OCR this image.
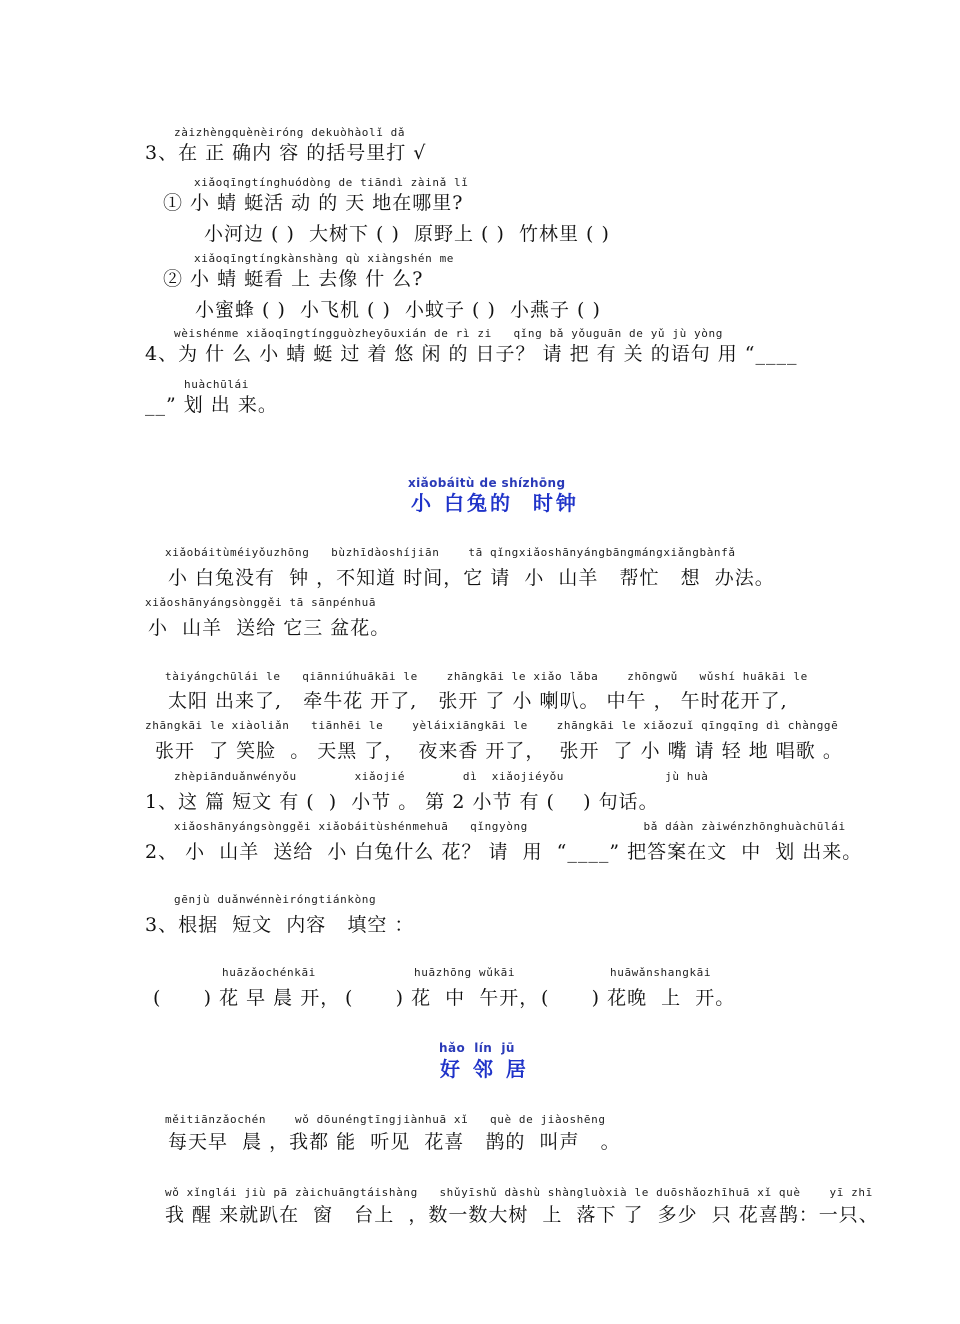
zàizhèngquènèiróng dekuòhàolǐ dǎ
3、在 正 确内 容 的括号里打 √
xiǎoqīngtínghuódòng de tiāndì zàinǎ lǐ
① 小 蜻 蜓活 动 的 天 地在哪里?
小河边 ( )  大树下 ( )  原野上 ( )  竹林里 ( )
xiǎoqīngtíngkànshàng qù xiàngshén me
② 小 蜻 蜓看 上 去像 什 么?
小蜜蜂 ( )  小飞机 ( )  小蚊子 ( )  小燕子 ( )
wèishénme xiǎoqīngtíngguòzheyōuxián de rì zi   qǐng bǎ yǒuguān de yǔ jù yòng
4、为 什 么 小 蜻 蜓 过 着 悠 闲 的 日子？ 请 把 有 关 的语句 用 “____
huàchūlái
__” 划 出 来。
xiǎobáitù de shízhōng
小 白兔的  时钟
xiǎobáitùméiyǒuzhōng   bùzhīdàoshíjiān    tā qǐngxiǎoshānyángbāngmángxiǎngbànfǎ
小 白兔没有  钟 ，不知道 时间，它 请  小  山羊   帮忙   想  办法。
xiǎoshānyángsònggěi tā sānpénhuā
小  山羊  送给 它三 盆花。
tàiyángchūlái le   qiānniúhuākāi le    zhāngkāi le xiǎo lǎba    zhōngwǔ   wǔshí huākāi le
太阳 出来了,   牵牛花 开了,   张开 了 小 喇叭。 中午 ， 午时花开了,
zhāngkāi le xiàoliǎn   tiānhēi le    yèláixiāngkāi le    zhāngkāi le xiǎozuǐ qīngqīng dì chànggē
张开  了 笑脸  。 天黑 了，  夜来香 开了，  张开  了 小 嘴 请 轻 地 唱歌 。
zhèpiānduǎnwényǒu        xiǎojié        dì  xiǎojiéyǒu              jù huà
1、这 篇 短文 有 (  )  小节 。 第 2 小节 有 (    ) 句话。
xiǎoshānyángsònggěi xiǎobáitùshénmehuā   qǐngyòng                bǎ dáàn zàiwénzhōnghuàchūlái
2、 小  山羊  送给  小 白兔什么 花？ 请  用  “____” 把答案在文  中  划 出来。
gēnjù duǎnwénnèiróngtiánkòng
3、根据  短文  内容   填空 ：
huāzǎochénkāi
(      ) 花 早 晨 开，
huāzhōng wǔkāi
(      ) 花  中  午开，
huāwǎnshangkāi
(      ) 花晚  上  开。
hǎo  lín  jū
好 邻 居
měitiānzǎochén    wǒ dōunéngtīngjiànhuā xǐ   què de jiàoshēng
每天早  晨 ，我都 能  听见  花喜   鹊的  叫声   。
wǒ xǐnglái jiù pā zàichuāngtáishàng   shǔyīshǔ dàshù shàngluòxià le duōshǎozhīhuā xǐ què    yī zhī
我 醒 来就趴在  窗   台上  ，数一数大树  上  落下 了  多少  只 花喜鹊：一只、
